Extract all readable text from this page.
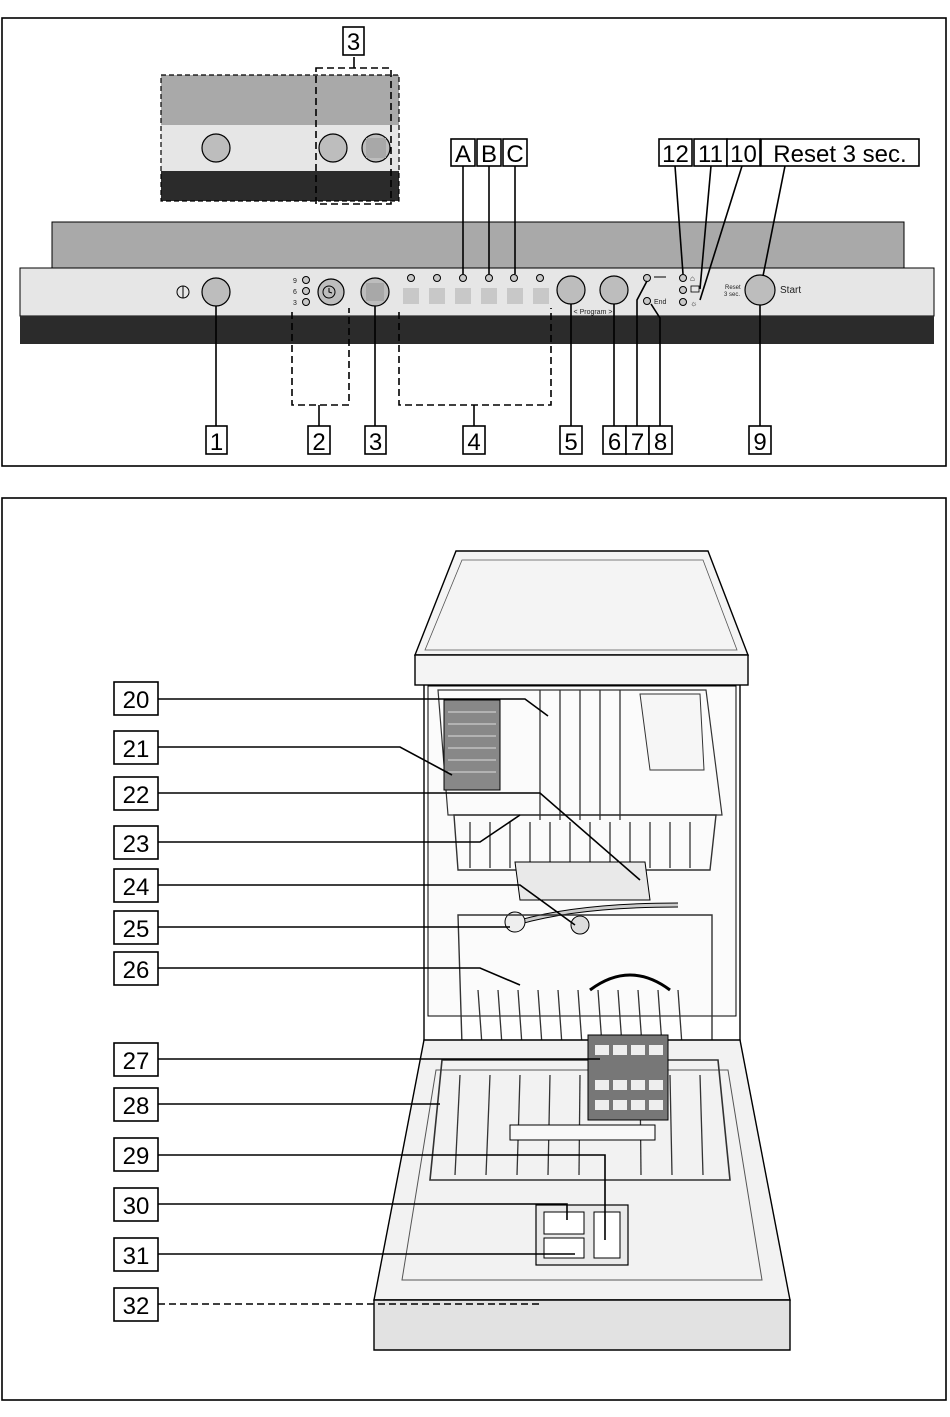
3
9
6
3
< Program >
End
⌂
☼
Reset
3 sec.	Start
A B C	12 11 10 Reset 3 sec.
1	2 3	4	5 6 7 8	9
20
21
22
23
24
25
26
27
28
29
30
31
32
